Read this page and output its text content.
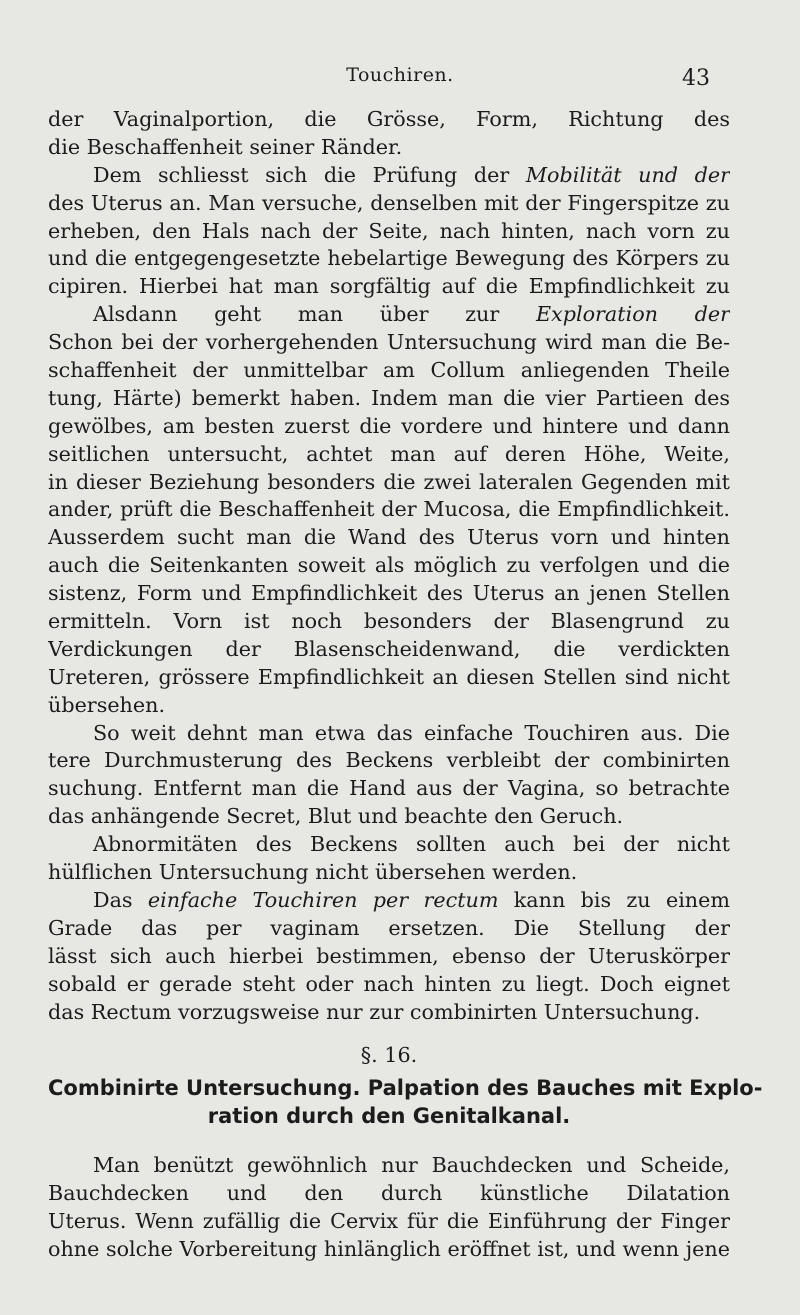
Touchiren.	43
der Vaginalportion, die Grösse, Form, Richtung des
die Beschaffenheit seiner Ränder.
Dem schliesst sich die Prüfung der Mobilität und der
des Uterus an. Man versuche, denselben mit der Fingerspitze zu
erheben, den Hals nach der Seite, nach hinten, nach vorn zu
und die entgegengesetzte hebelartige Bewegung des Körpers zu
cipiren. Hierbei hat man sorgfältig auf die Empfindlichkeit zu
Alsdann geht man über zur Exploration der
Schon bei der vorhergehenden Untersuchung wird man die Be-
schaffenheit der unmittelbar am Collum anliegenden Theile
tung, Härte) bemerkt haben. Indem man die vier Partieen des
gewölbes, am besten zuerst die vordere und hintere und dann
seitlichen untersucht, achtet man auf deren Höhe, Weite,
in dieser Beziehung besonders die zwei lateralen Gegenden mit
ander, prüft die Beschaffenheit der Mucosa, die Empfindlichkeit.
Ausserdem sucht man die Wand des Uterus vorn und hinten
auch die Seitenkanten soweit als möglich zu verfolgen und die
sistenz, Form und Empfindlichkeit des Uterus an jenen Stellen
ermitteln. Vorn ist noch besonders der Blasengrund zu
Verdickungen der Blasenscheidenwand, die verdickten
Ureteren, grössere Empfindlichkeit an diesen Stellen sind nicht
übersehen.
So weit dehnt man etwa das einfache Touchiren aus. Die
tere Durchmusterung des Beckens verbleibt der combinirten
suchung. Entfernt man die Hand aus der Vagina, so betrachte
das anhängende Secret, Blut und beachte den Geruch.
Abnormitäten des Beckens sollten auch bei der nicht
hülflichen Untersuchung nicht übersehen werden.
Das einfache Touchiren per rectum kann bis zu einem
Grade das per vaginam ersetzen. Die Stellung der
lässt sich auch hierbei bestimmen, ebenso der Uteruskörper
sobald er gerade steht oder nach hinten zu liegt. Doch eignet
das Rectum vorzugsweise nur zur combinirten Untersuchung.
§. 16.
Combinirte Untersuchung. Palpation des Bauches mit Explo-
ration durch den Genitalkanal.
Man benützt gewöhnlich nur Bauchdecken und Scheide,
Bauchdecken und den durch künstliche Dilatation
Uterus. Wenn zufällig die Cervix für die Einführung der Finger
ohne solche Vorbereitung hinlänglich eröffnet ist, und wenn jene
